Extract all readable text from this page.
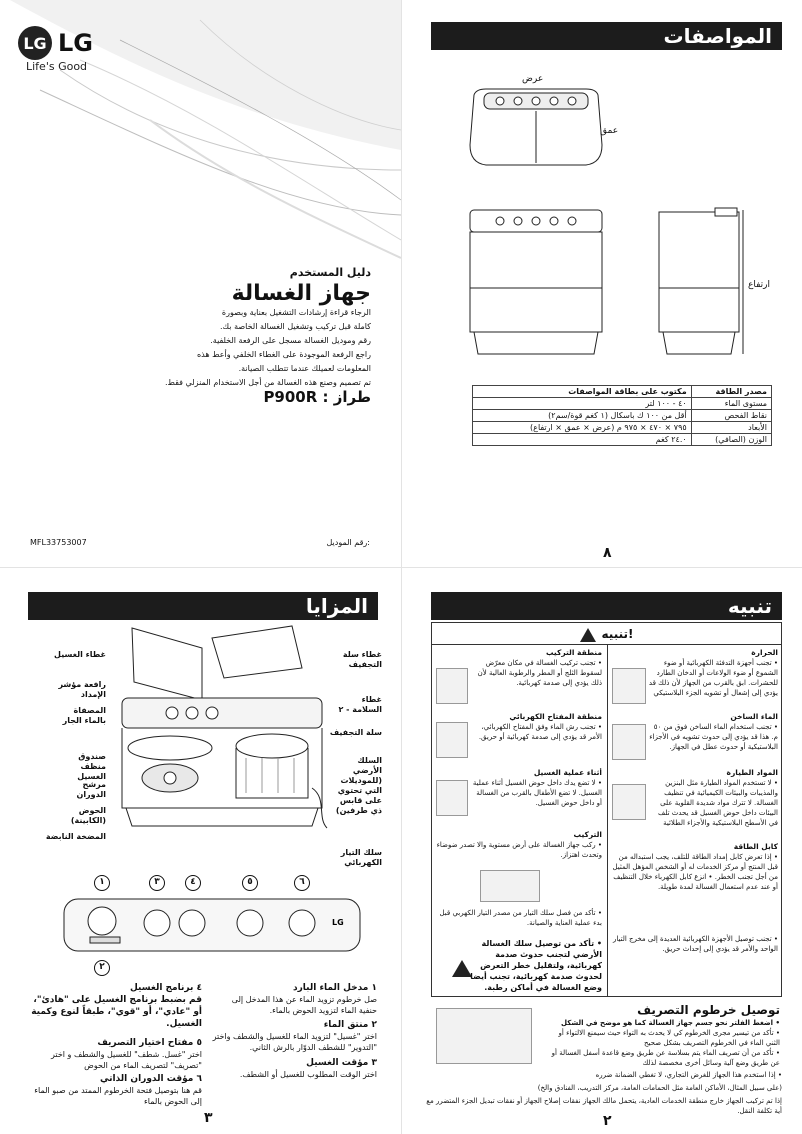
LG LG
Life's Good
دليل المستخدم
جهاز الغسالة
الرجاء قراءة إرشادات التشغيل بعناية وبصورة
كاملة قبل تركيب وتشغيل الغسالة الخاصة بك.
رقم وموديل الغسالة مسجل على الرفعة الخلفية.
راجع الرفعة الموجودة على الغطاء الخلفي وأعط هذه
المعلومات لعميلك عندما تتطلب الصيانة.
تم تصميم وصنع هذه الغسالة من أجل الاستخدام المنزلي فقط.
طراز : P900R
MFL33753007	رقم الموديل:
المواصفات
عرض
عمق
ارتفاع
مصدر الطاقة	مكتوب على بطاقة المواصفات
مستوى الماء	٤٠ - ١٠٠ لتر
نقاط الفحص	أقل من ١٠٠ ك باسكال (١ كغم قوة/سم٢)
الأبعاد	٧٩٥ × ٤٧٠ × ٩٧٥ م (عرض × عمق × ارتفاع)
الوزن (الصافي)	٢٤.٠ كغم
٨
المزايا
غطاء الغسيل
رافعة مؤشر الإمداد
المصفاة بالماء الجار
صندوق منظف الغسيل
مرشح الدوران
الحوض (الكابينة)
المضخة النابضة
غطاء سلة التجفيف
غطاء السلامة - ٢
سلة التجفيف
السلك الأرضي (للموديلات التي تحتوي على قابس ذي طرفين)
سلك التيار الكهربائي
LG
١
٢
٣	٤	٥	٦
١ مدخل الماء البارد
صل خرطوم تزويد الماء عن هذا المدخل إلى حنفية الماء لتزويد الحوض بالماء.
٢ منتق الماء
اختر "غسيل" لتزويد الماء للغسيل والشطف واختر "التدوير" للشطف الدوّار بالرش الثاني.
٣ مؤقت الغسيل
اختر الوقت المطلوب للغسيل أو الشطف.
٤ برنامج الغسيل
قم بضبط برنامج الغسيل على "هادئ"، أو "عادي"، أو "قوي"، طبقاً لنوع وكمية الغسيل.
٥ مفتاح اختيار التصريف
اختر "غسل. شطف" للغسيل والشطف و اختر "تصريف" لتصريف الماء من الحوض
٦ مؤقت الدوران الذاتي
قم هنا بتوصيل فتحة الخرطوم الممتد من صبو الماء إلى الحوض بالماء
٣
تنبيه
تنبيه!
الحرارة
• تجنب أجهزة التدفئة الكهربائية أو ضوء الشموع أو ضوء الولاعات أو الدخان الطارد للحشرات. ابق بالقرب من الجهاز لأن ذلك قد يؤدي إلى إشعال أو تشويه الجزء البلاستيكي
الماء الساخن
• تجنب استخدام الماء الساخن فوق من ٥٠ م. هذا قد يؤدي إلى حدوث تشويه في الأجزاء البلاستيكية أو حدوث عطل في الجهاز.
المواد الطيارة
• لا تستخدم المواد الطيارة مثل البنزين والمذيبات والبيئات الكيميائية في تنظيف الغسالة. لا تترك مواد شديدة القلوية على البيئات داخل حوض الغسيل قد يحدث تلف في الأسطح البلاستيكية والأجزاء الطلائية
كابل الطاقة
• إذا تعرض كابل إمداد الطاقة للتلف، يجب استبداله من قبل المنتج أو مركز الخدمات له أو الشخص المؤهل المثيل من أجل تجنب الخطر. • انزع كابل الكهرباء خلال التنظيف أو عند عدم استعمال الغسالة لمدة طويلة.
• تجنب توصيل الأجهزة الكهربائية العديدة إلى مخرج التيار الواحد والأمر قد يؤدي إلى إحداث حريق.
منطقة التركيب
• تجنب تركيب الغسالة في مكان معرّض لسقوط الثلج أو المطر والرطوبة العالية لأن ذلك يؤدي إلى صدمة كهربائية.
منطقة المفتاح الكهربائي
• تجنب رش الماء وفق المفتاح الكهربائي، الأمر قد يؤدي إلى صدمة كهربائية أو حريق.
أثناء عملية الغسيل
• لا تضع يدك داخل حوض الغسيل أثناء عملية الغسيل. لا تضع الأطفال بالقرب من الغسالة أو داخل حوض الغسيل.
التركيب
• ركب جهاز الغسالة على أرض مستوية والا تصدر ضوضاء وتحدث اهتزاز.
• تأكد من فصل سلك التيار من مصدر التيار الكهربي قبل بدء عملية العناية والصيانة.
• تأكد من توصيل سلك الغسالة الأرضي لتجنب حدوث صدمة كهربائية، ولتقليل خطر التعرض لحدوث صدمة كهربائية، تجنب أيضا وضع الغسالة في أماكن رطبة.
توصيل خرطوم التصريف
• اضغط الفلتر نحو جسم جهاز الغسالة كما هو موضح في الشكل
• تأكد من تيسير مجرى الخرطوم كي لا يحدث به التواء حيث سيمنع الالتواء أو الثني الماء في الخرطوم التصريف بشكل صحيح
• تأكد من أن تصريف الماء يتم بسلاسة عن طريق وضع قاعدة أسفل الغسالة أو عن طريق وضع آلية وسائل أخرى مخصصة لذلك
• إذا استخدم هذا الجهاز للغرض التجاري، لا تغطي الضمانة ضرره
(على سبيل المثال، الأماكن العامة مثل الحمامات العامة، مركز التدريب، الفنادق والخ)
إذا تم تركيب الجهاز خارج منطقة الخدمات العادية، يتحمل مالك الجهاز نفقات إصلاح الجهاز أو نفقات تبديل الجزء المتضرر مع أية تكلفة النقل.
٢
